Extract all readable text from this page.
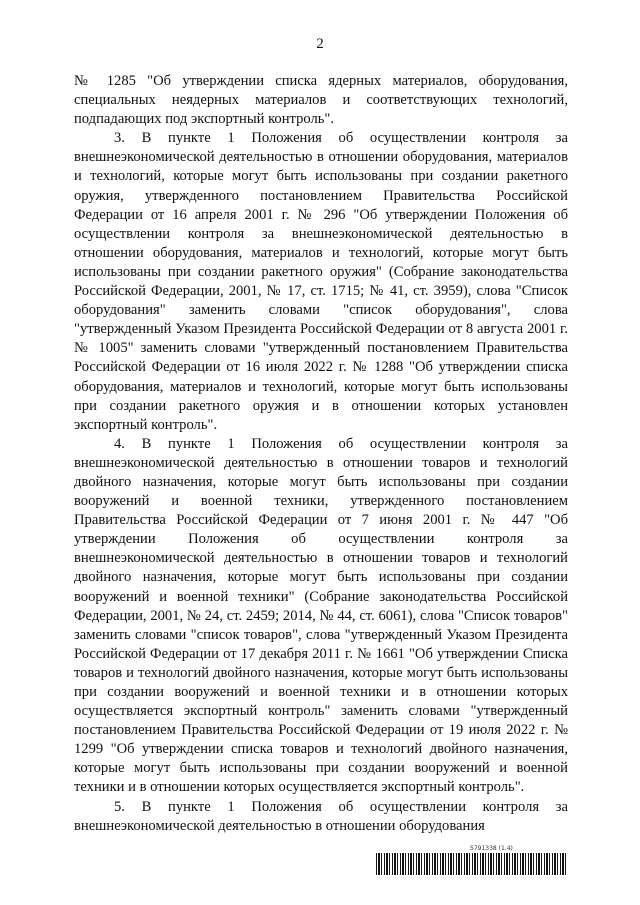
2

№ 1285 "Об утверждении списка ядерных материалов, оборудования, специальных неядерных материалов и соответствующих технологий, подпадающих под экспортный контроль".

3. В пункте 1 Положения об осуществлении контроля за внешнеэкономической деятельностью в отношении оборудования, материалов и технологий, которые могут быть использованы при создании ракетного оружия, утвержденного постановлением Правительства Российской Федерации от 16 апреля 2001 г. № 296 "Об утверждении Положения об осуществлении контроля за внешнеэкономической деятельностью в отношении оборудования, материалов и технологий, которые могут быть использованы при создании ракетного оружия" (Собрание законодательства Российской Федерации, 2001, № 17, ст. 1715; № 41, ст. 3959), слова "Список оборудования" заменить словами "список оборудования", слова "утвержденный Указом Президента Российской Федерации от 8 августа 2001 г. № 1005" заменить словами "утвержденный постановлением Правительства Российской Федерации от 16 июля 2022 г. № 1288 "Об утверждении списка оборудования, материалов и технологий, которые могут быть использованы при создании ракетного оружия и в отношении которых установлен экспортный контроль".

4. В пункте 1 Положения об осуществлении контроля за внешнеэкономической деятельностью в отношении товаров и технологий двойного назначения, которые могут быть использованы при создании вооружений и военной техники, утвержденного постановлением Правительства Российской Федерации от 7 июня 2001 г. № 447 "Об утверждении Положения об осуществлении контроля за внешнеэкономической деятельностью в отношении товаров и технологий двойного назначения, которые могут быть использованы при создании вооружений и военной техники" (Собрание законодательства Российской Федерации, 2001, № 24, ст. 2459; 2014, № 44, ст. 6061), слова "Список товаров" заменить словами "список товаров", слова "утвержденный Указом Президента Российской Федерации от 17 декабря 2011 г. № 1661 "Об утверждении Списка товаров и технологий двойного назначения, которые могут быть использованы при создании вооружений и военной техники и в отношении которых осуществляется экспортный контроль" заменить словами "утвержденный постановлением Правительства Российской Федерации от 19 июля 2022 г. № 1299 "Об утверждении списка товаров и технологий двойного назначения, которые могут быть использованы при создании вооружений и военной техники и в отношении которых осуществляется экспортный контроль".

5. В пункте 1 Положения об осуществлении контроля за внешнеэкономической деятельностью в отношении оборудования

5791338 (1.4)
